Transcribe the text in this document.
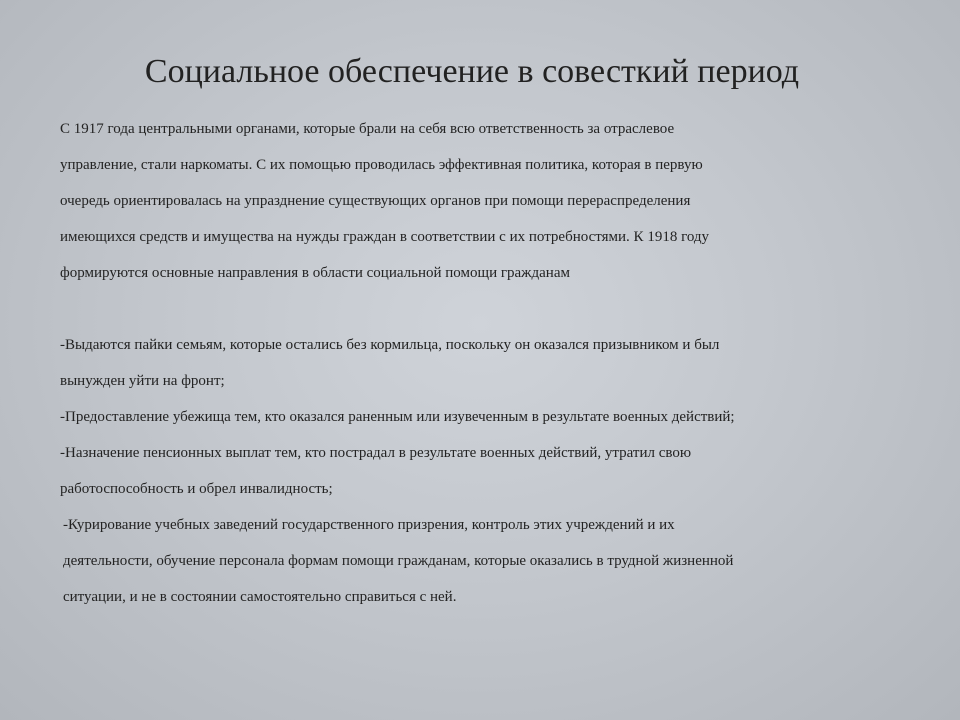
Социальное обеспечение в совесткий период

С 1917 года центральными органами, которые брали на себя всю ответственность за отраслевое
управление, стали наркоматы. С их помощью проводилась эффективная политика, которая в первую
очередь ориентировалась на упразднение существующих органов при помощи перераспределения
имеющихся средств и имущества на нужды граждан в соответствии с их потребностями. К 1918 году
формируются основные направления в области социальной помощи гражданам

-Выдаются пайки семьям, которые остались без кормильца, поскольку он оказался призывником и был
вынужден уйти на фронт;

-Предоставление убежища тем, кто оказался раненным или изувеченным в результате военных действий;

-Назначение пенсионных выплат тем, кто пострадал в результате военных действий, утратил свою
работоспособность и обрел инвалидность;

-Курирование учебных заведений государственного призрения, контроль этих учреждений и их
деятельности, обучение персонала формам помощи гражданам, которые оказались в трудной жизненной
ситуации, и не в состоянии самостоятельно справиться с ней.
